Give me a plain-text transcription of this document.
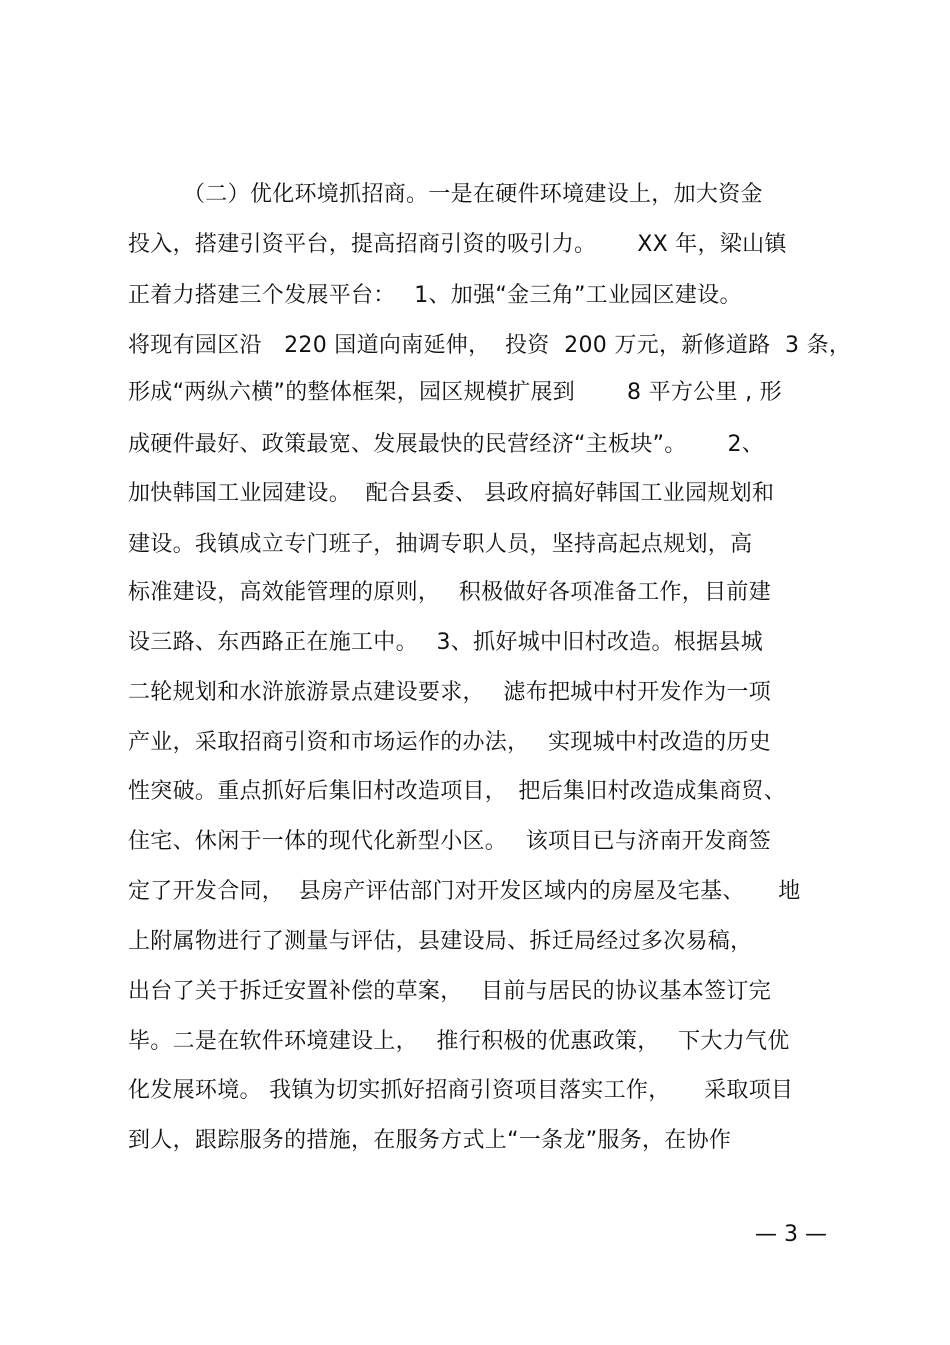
（二）优化环境抓招商。一是在硬件环境建设上，加大资金
投入，搭建引资平台，提高招商引资的吸引力。　　 XX 年，梁山镇
正着力搭建三个发展平台：　 1、加强“金三角”工业园区建设。
将现有园区沿　220 国道向南延伸，  投资  200 万元，新修道路  3 条，
形成“两纵六横”的整体框架，园区规模扩展到　　 8 平方公里 , 形
成硬件最好、政策最宽、发展最快的民营经济“主板块”。　　 2、
加快韩国工业园建设。  配合县委、 县政府搞好韩国工业园规划和
建设。我镇成立专门班子，抽调专职人员，坚持高起点规划，高
标准建设，高效能管理的原则，　 积极做好各项准备工作，目前建
设三路、东西路正在施工中。　 3、抓好城中旧村改造。根据县城
二轮规划和水浒旅游景点建设要求，　 滤布把城中村开发作为一项
产业，采取招商引资和市场运作的办法，　 实现城中村改造的历史
性突破。重点抓好后集旧村改造项目，　把后集旧村改造成集商贸、
住宅、休闲于一体的现代化新型小区。　 该项目已与济南开发商签
定了开发合同，  县房产评估部门对开发区域内的房屋及宅基、　　地
上附属物进行了测量与评估，县建设局、拆迁局经过多次易稿，
出台了关于拆迁安置补偿的草案，　 目前与居民的协议基本签订完
毕。二是在软件环境建设上，　 推行积极的优惠政策，　 下大力气优
化发展环境。 我镇为切实抓好招商引资项目落实工作，　　采取项目
到人，跟踪服务的措施，在服务方式上“一条龙”服务，在协作
— 3 —
